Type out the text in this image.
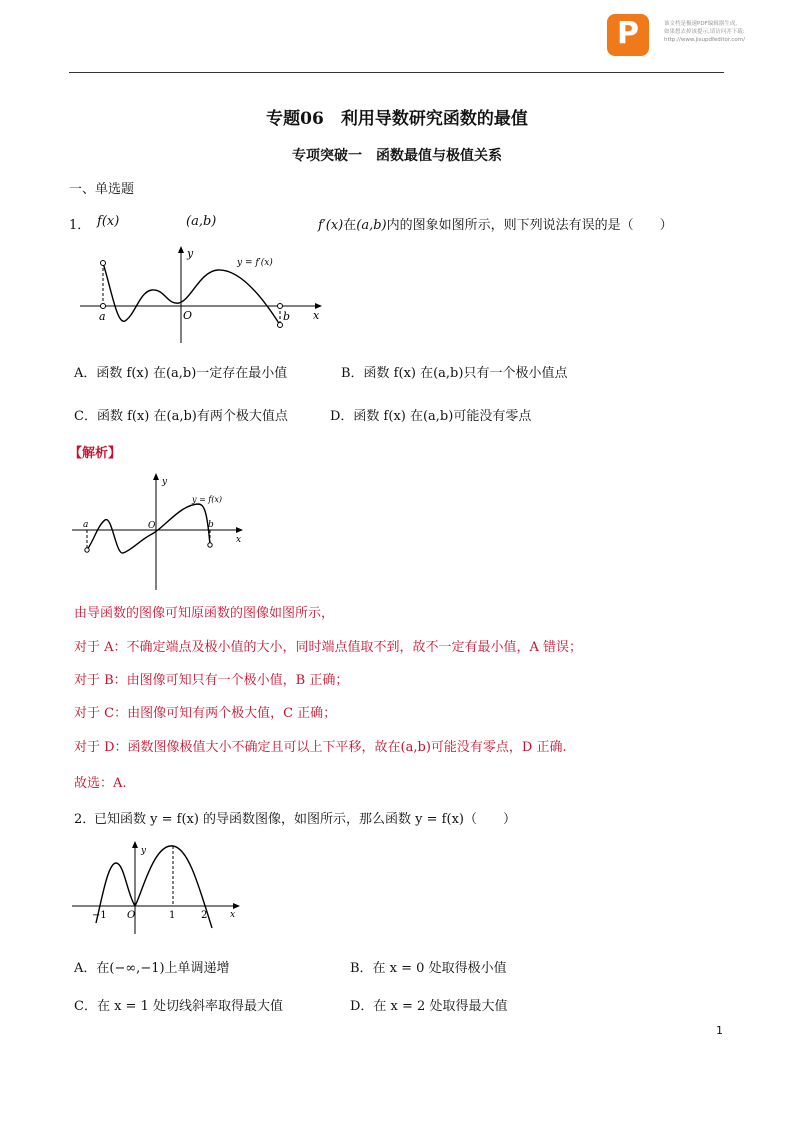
P	该文档是极速PDF编辑器生成,
如果想去掉该提示,请访问并下载:
http://www.jisupdfeditor.com/
专题06　利用导数研究函数的最值
专项突破一　函数最值与极值关系
一、单选题
1． f(x)	(a,b)	f′(x)在(a,b)内的图象如图所示，则下列说法有误的是（　　）
y = f′(x)
y
x
O
a	b
A．函数 f(x) 在(a,b)一定存在最小值	B．函数 f(x) 在(a,b)只有一个极小值点
C．函数 f(x) 在(a,b)有两个极大值点	D．函数 f(x) 在(a,b)可能没有零点
【解析】
y = f(x)
y
x
O
a	b
由导函数的图像可知原函数的图像如图所示，
对于 A：不确定端点及极小值的大小，同时端点值取不到，故不一定有最小值，A 错误；
对于 B：由图像可知只有一个极小值，B 正确；
对于 C：由图像可知有两个极大值，C 正确；
对于 D：函数图像极值大小不确定且可以上下平移，故在(a,b)可能没有零点，D 正确.
故选：A.
2．
已知函数 y = f(x) 的导函数图像，如图所示，那么函数 y = f(x)（　　）
y
x
O
−1	1	2
A．在(−∞,−1)上单调递增	B．在 x = 0 处取得极小值
C．在 x = 1 处切线斜率取得最大值	D．在 x = 2 处取得最大值
1
